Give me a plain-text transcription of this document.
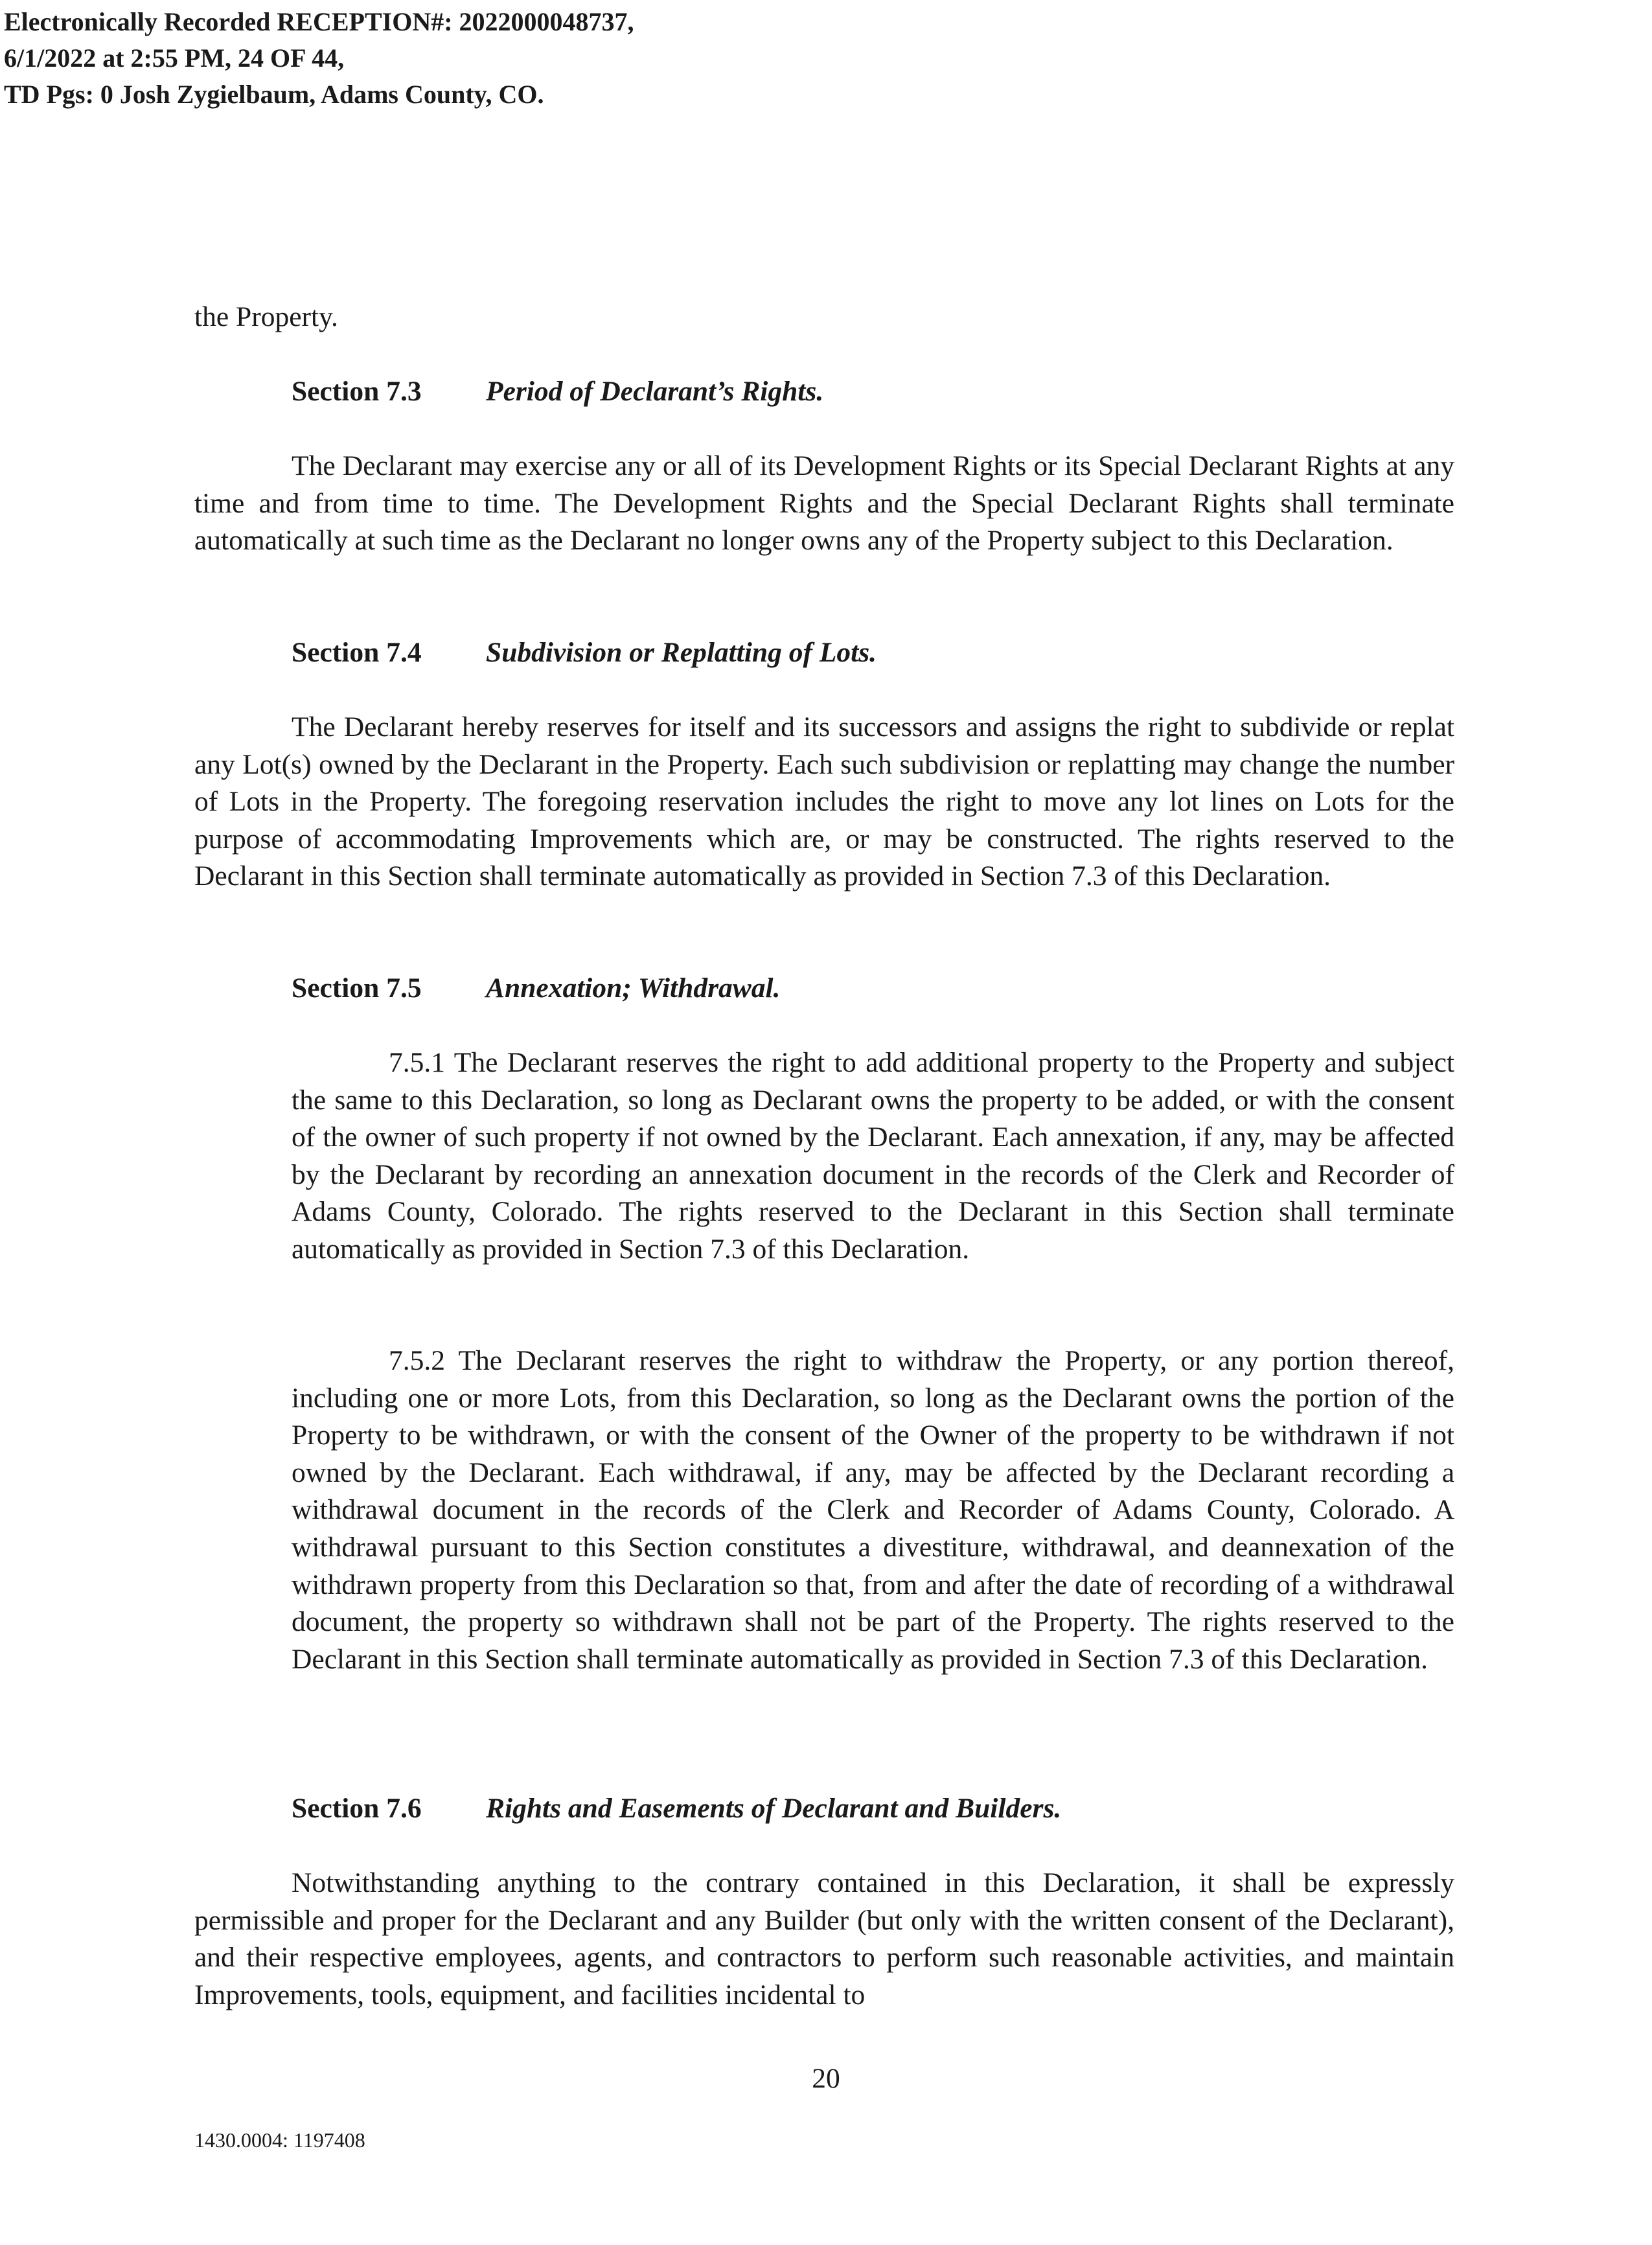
Electronically Recorded RECEPTION#: 2022000048737,
6/1/2022 at 2:55 PM, 24 OF 44,
TD Pgs: 0 Josh Zygielbaum, Adams County, CO.

the Property.

Section 7.3 Period of Declarant’s Rights.

The Declarant may exercise any or all of its Development Rights or its Special Declarant Rights at any time and from time to time. The Development Rights and the Special Declarant Rights shall terminate automatically at such time as the Declarant no longer owns any of the Property subject to this Declaration.

Section 7.4 Subdivision or Replatting of Lots.

The Declarant hereby reserves for itself and its successors and assigns the right to subdivide or replat any Lot(s) owned by the Declarant in the Property. Each such subdivision or replatting may change the number of Lots in the Property. The foregoing reservation includes the right to move any lot lines on Lots for the purpose of accommodating Improvements which are, or may be constructed. The rights reserved to the Declarant in this Section shall terminate automatically as provided in Section 7.3 of this Declaration.

Section 7.5 Annexation; Withdrawal.

7.5.1 The Declarant reserves the right to add additional property to the Property and subject the same to this Declaration, so long as Declarant owns the property to be added, or with the consent of the owner of such property if not owned by the Declarant. Each annexation, if any, may be affected by the Declarant by recording an annexation document in the records of the Clerk and Recorder of Adams County, Colorado. The rights reserved to the Declarant in this Section shall terminate automatically as provided in Section 7.3 of this Declaration.

7.5.2 The Declarant reserves the right to withdraw the Property, or any portion thereof, including one or more Lots, from this Declaration, so long as the Declarant owns the portion of the Property to be withdrawn, or with the consent of the Owner of the property to be withdrawn if not owned by the Declarant. Each withdrawal, if any, may be affected by the Declarant recording a withdrawal document in the records of the Clerk and Recorder of Adams County, Colorado. A withdrawal pursuant to this Section constitutes a divestiture, withdrawal, and deannexation of the withdrawn property from this Declaration so that, from and after the date of recording of a withdrawal document, the property so withdrawn shall not be part of the Property. The rights reserved to the Declarant in this Section shall terminate automatically as provided in Section 7.3 of this Declaration.

Section 7.6 Rights and Easements of Declarant and Builders.

Notwithstanding anything to the contrary contained in this Declaration, it shall be expressly permissible and proper for the Declarant and any Builder (but only with the written consent of the Declarant), and their respective employees, agents, and contractors to perform such reasonable activities, and maintain Improvements, tools, equipment, and facilities incidental to

20
1430.0004: 1197408
